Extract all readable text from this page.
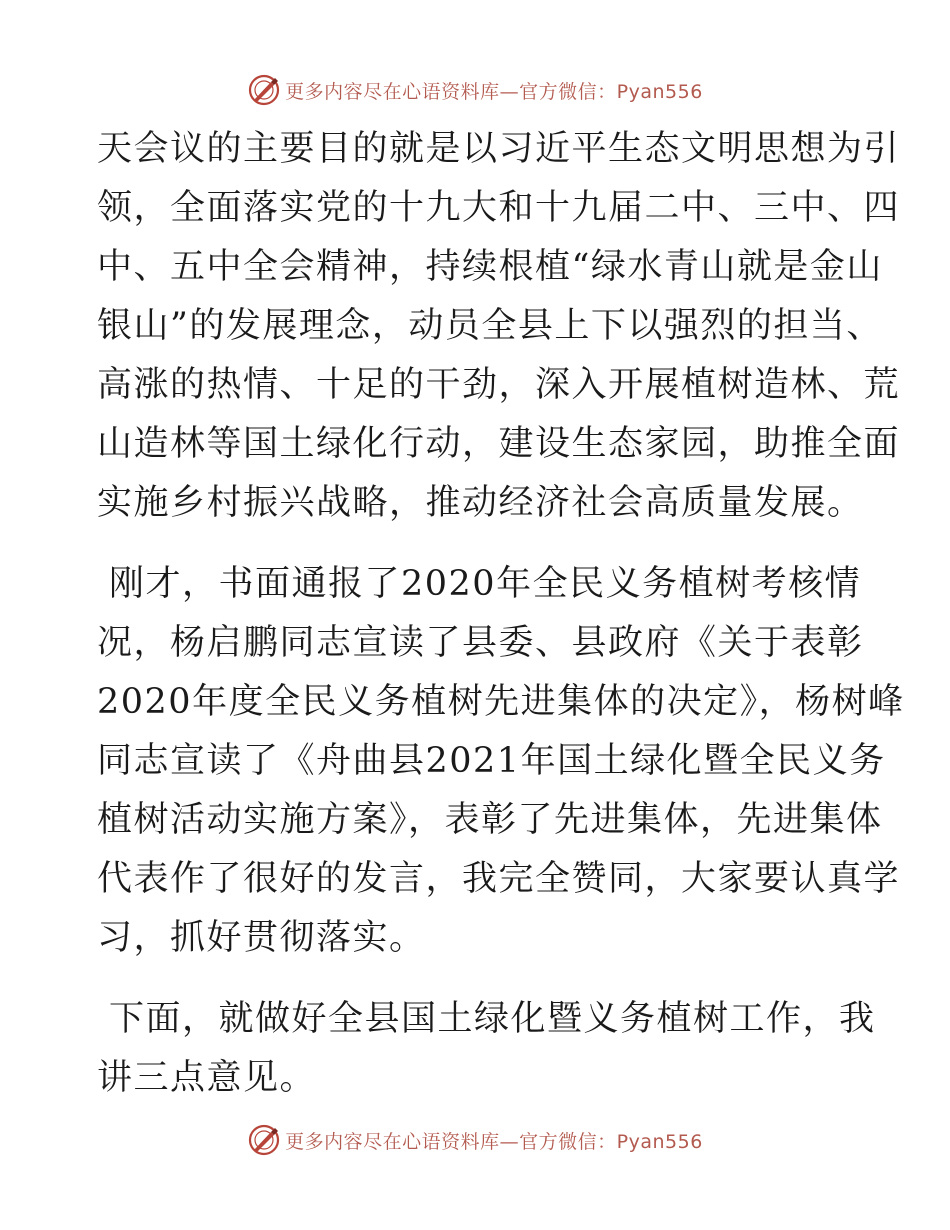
更多内容尽在心语资料库—官方微信：Pyan556
天会议的主要目的就是以习近平生态文明思想为引
领，全面落实党的十九大和十九届二中、三中、四
中、五中全会精神，持续根植“绿水青山就是金山
银山”的发展理念，动员全县上下以强烈的担当、
高涨的热情、十足的干劲，深入开展植树造林、荒
山造林等国土绿化行动，建设生态家园，助推全面
实施乡村振兴战略，推动经济社会高质量发展。
刚才，书面通报了2020年全民义务植树考核情
况，杨启鹏同志宣读了县委、县政府《关于表彰
2020年度全民义务植树先进集体的决定》，杨树峰
同志宣读了《舟曲县2021年国土绿化暨全民义务
植树活动实施方案》，表彰了先进集体，先进集体
代表作了很好的发言，我完全赞同，大家要认真学
习，抓好贯彻落实。
下面，就做好全县国土绿化暨义务植树工作，我
讲三点意见。
更多内容尽在心语资料库—官方微信：Pyan556
